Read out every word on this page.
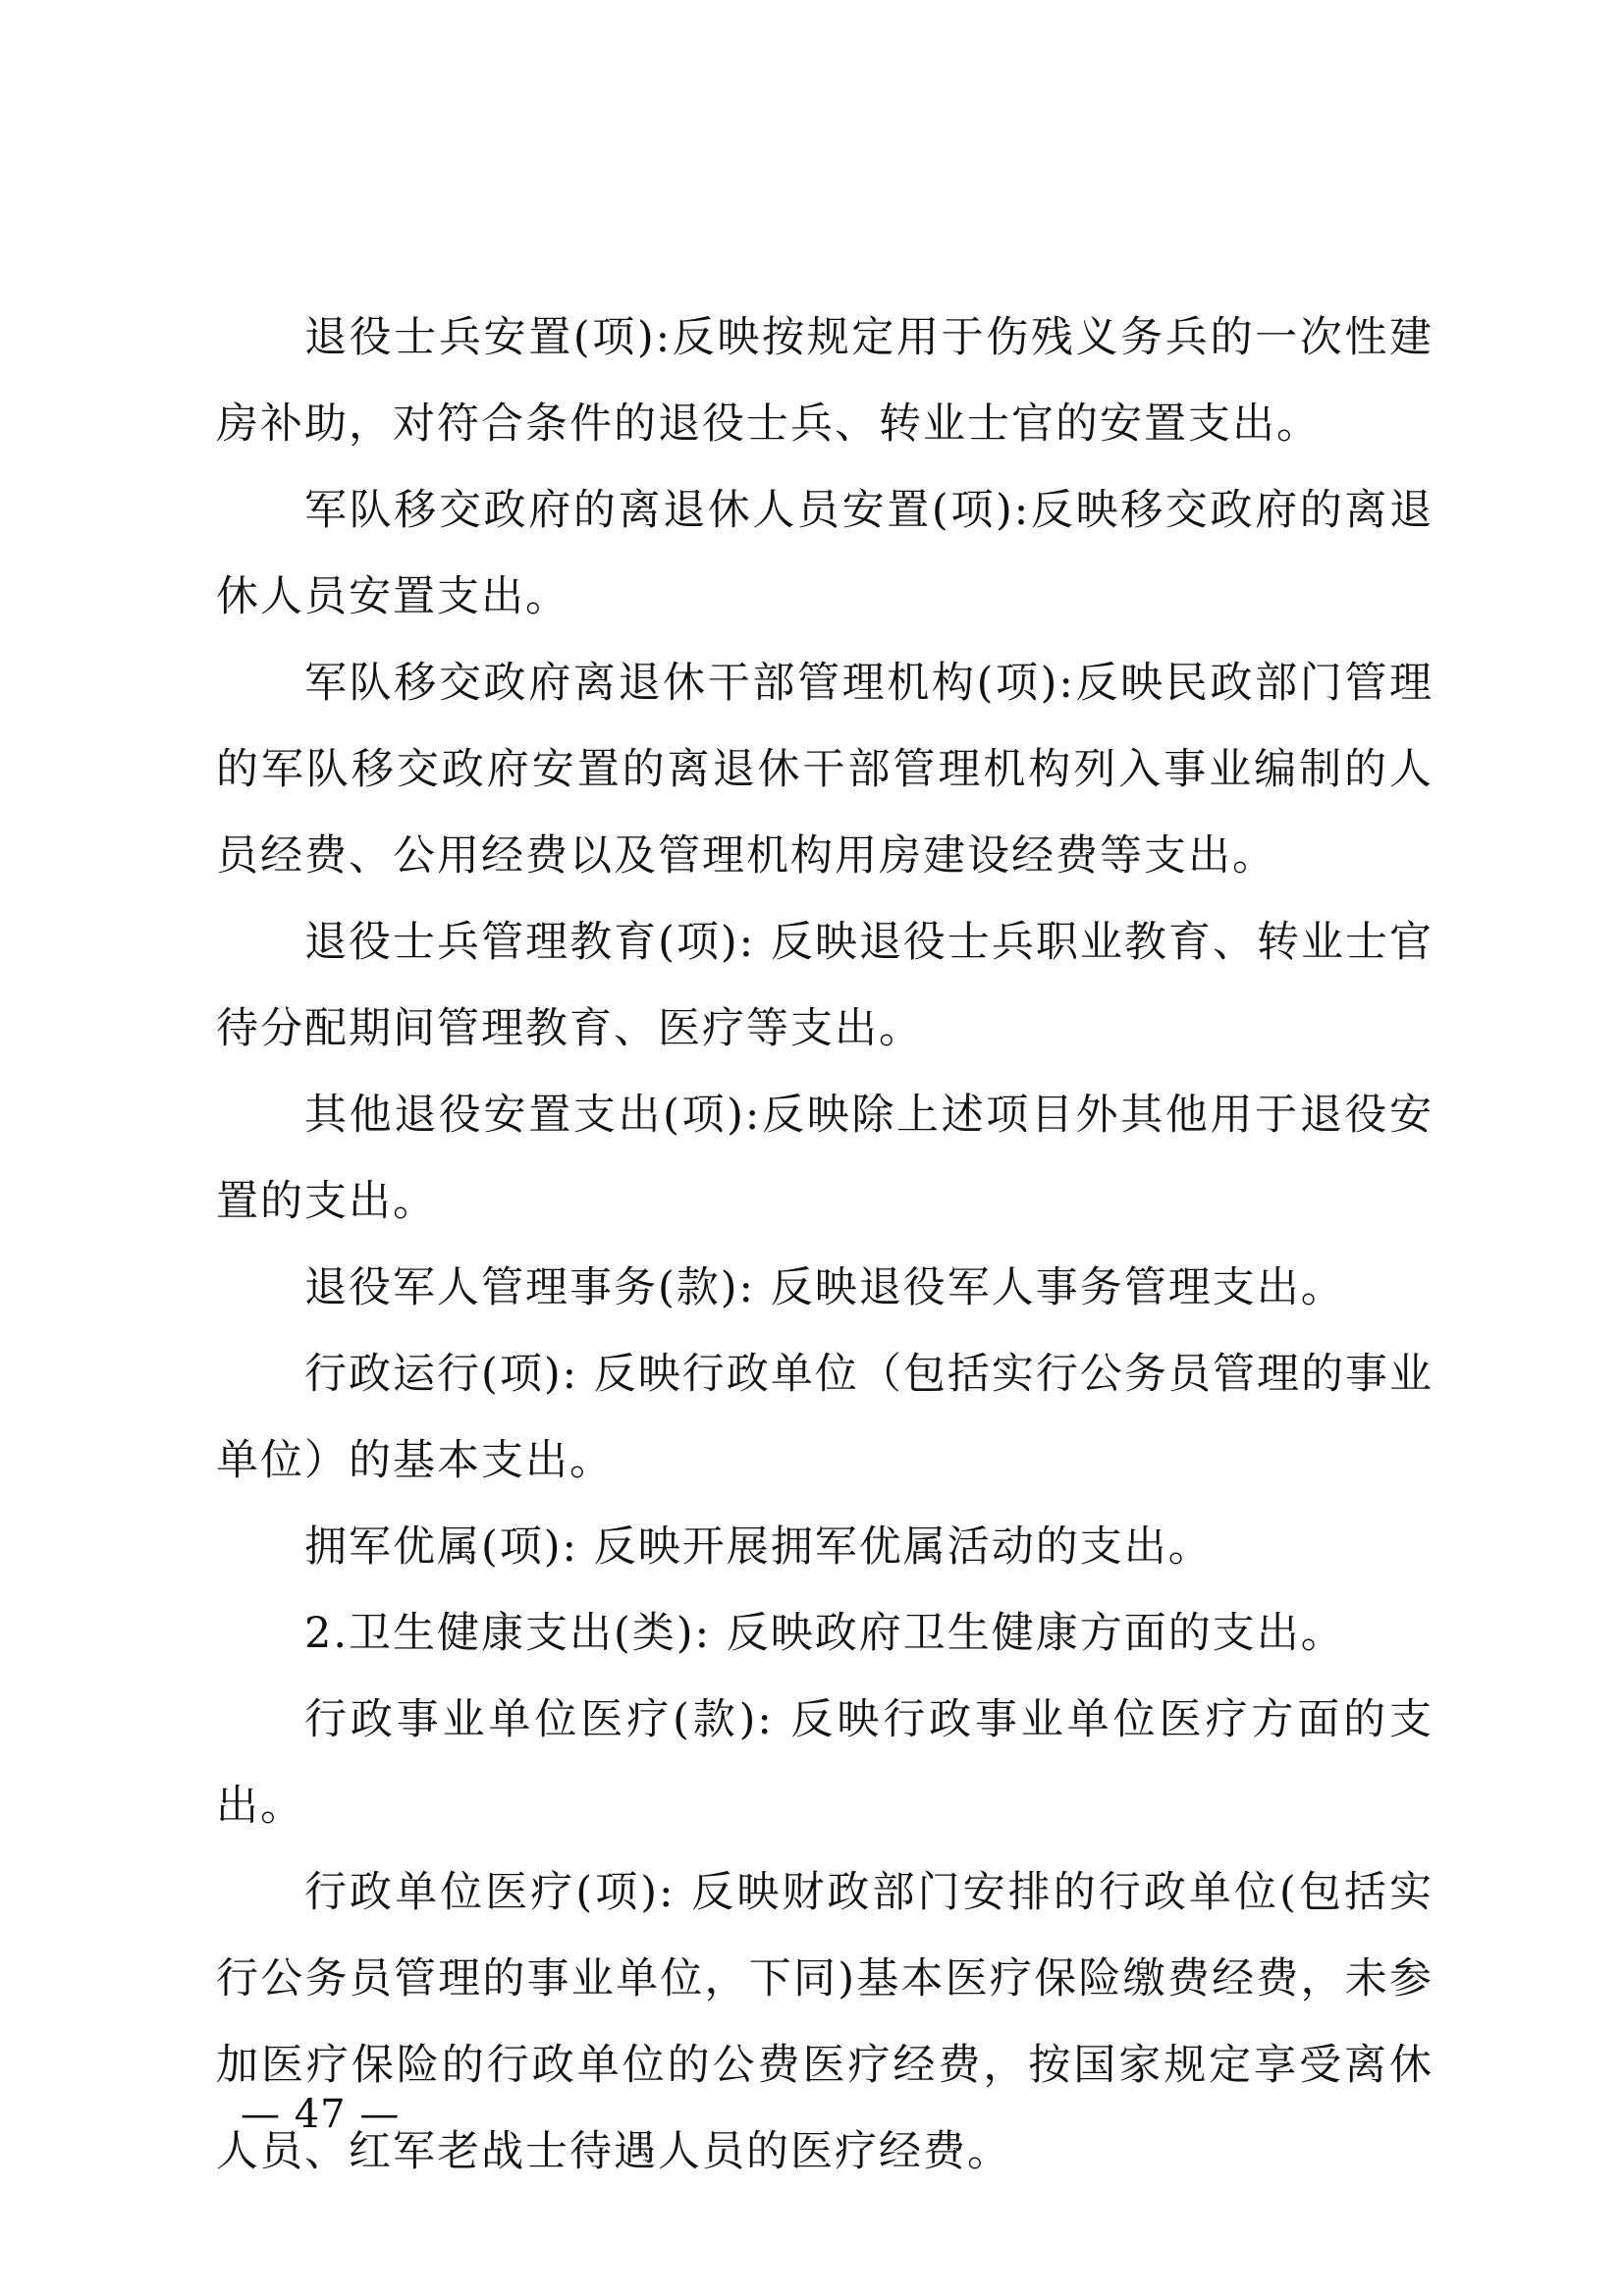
退役士兵安置(项):反映按规定用于伤残义务兵的一次性建房补助，对符合条件的退役士兵、转业士官的安置支出。

军队移交政府的离退休人员安置(项):反映移交政府的离退休人员安置支出。

军队移交政府离退休干部管理机构(项):反映民政部门管理的军队移交政府安置的离退休干部管理机构列入事业编制的人员经费、公用经费以及管理机构用房建设经费等支出。

退役士兵管理教育(项): 反映退役士兵职业教育、转业士官待分配期间管理教育、医疗等支出。

其他退役安置支出(项):反映除上述项目外其他用于退役安置的支出。

退役军人管理事务(款): 反映退役军人事务管理支出。

行政运行(项): 反映行政单位（包括实行公务员管理的事业单位）的基本支出。

拥军优属(项): 反映开展拥军优属活动的支出。

2.卫生健康支出(类): 反映政府卫生健康方面的支出。

行政事业单位医疗(款): 反映行政事业单位医疗方面的支出。

行政单位医疗(项): 反映财政部门安排的行政单位(包括实行公务员管理的事业单位，下同)基本医疗保险缴费经费，未参加医疗保险的行政单位的公费医疗经费，按国家规定享受离休人员、红军老战士待遇人员的医疗经费。

— 47 —
